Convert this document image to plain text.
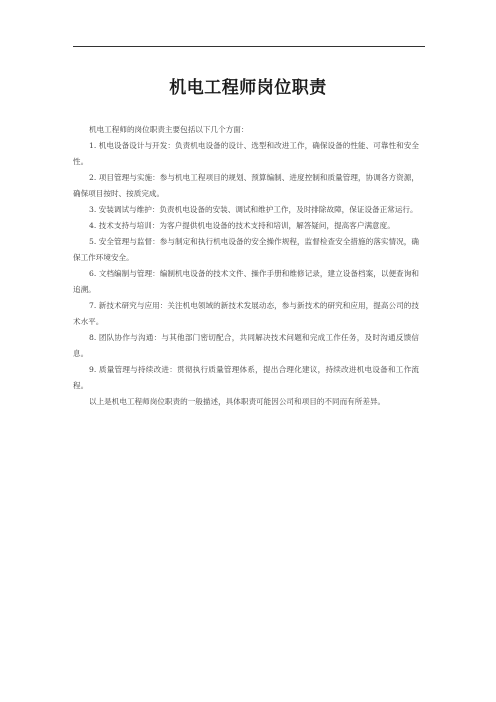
机电工程师岗位职责

机电工程师的岗位职责主要包括以下几个方面：

1. 机电设备设计与开发：负责机电设备的设计、选型和改进工作，确保设备的性能、可靠性和安全性。

2. 项目管理与实施：参与机电工程项目的规划、预算编制、进度控制和质量管理，协调各方资源，确保项目按时、按质完成。

3. 安装调试与维护：负责机电设备的安装、调试和维护工作，及时排除故障，保证设备正常运行。

4. 技术支持与培训：为客户提供机电设备的技术支持和培训，解答疑问，提高客户满意度。

5. 安全管理与监督：参与制定和执行机电设备的安全操作规程，监督检查安全措施的落实情况，确保工作环境安全。

6. 文档编制与管理：编制机电设备的技术文件、操作手册和维修记录，建立设备档案，以便查询和追溯。

7. 新技术研究与应用：关注机电领域的新技术发展动态，参与新技术的研究和应用，提高公司的技术水平。

8. 团队协作与沟通：与其他部门密切配合，共同解决技术问题和完成工作任务，及时沟通反馈信息。

9. 质量管理与持续改进：贯彻执行质量管理体系，提出合理化建议，持续改进机电设备和工作流程。

以上是机电工程师岗位职责的一般描述，具体职责可能因公司和项目的不同而有所差异。
